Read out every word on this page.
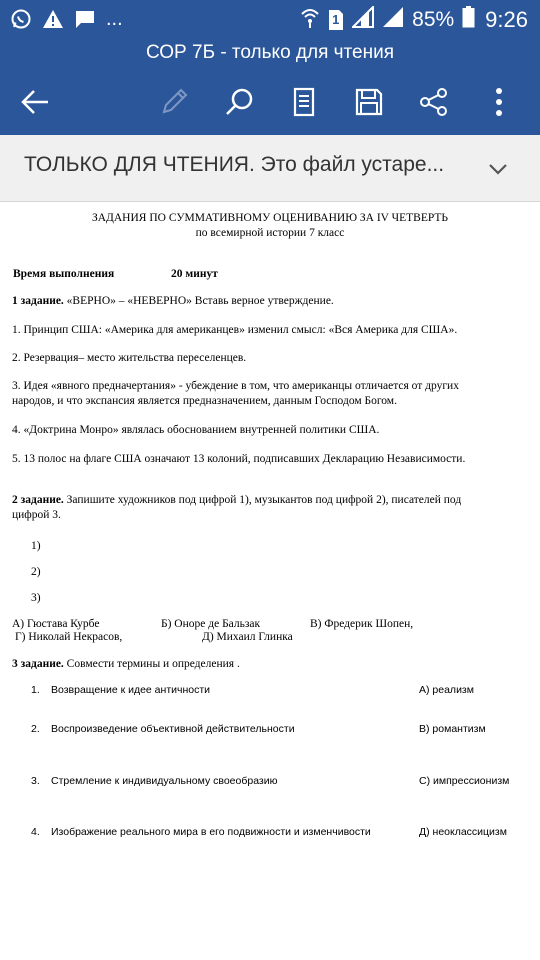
...	1	85% 9:26
СОР 7Б - только для чтения
ТОЛЬКО ДЛЯ ЧТЕНИЯ. Это файл устаре...
ЗАДАНИЯ ПО СУММАТИВНОМУ ОЦЕНИВАНИЮ ЗА IV ЧЕТВЕРТЬ
по всемирной истории 7 класс
Время выполнения	20 минут
1 задание. «ВЕРНО» – «НЕВЕРНО» Вставь верное утверждение.
1. Принцип США: «Америка для американцев» изменил смысл: «Вся Америка для США».
2. Резервация– место жительства переселенцев.
3. Идея «явного предначертания» - убеждение в том, что американцы отличается от других
народов, и что экспансия является предназначением, данным Господом Богом.
4. «Доктрина Монро» являлась обоснованием внутренней политики США.
5. 13 полос на флаге США означают 13 колоний, подписавших Декларацию Независимости.
2 задание. Запишите художников под цифрой 1), музыкантов под цифрой 2), писателей под
цифрой 3.
1)
2)
3)
А) Гюстава Курбе	Б) Оноре де Бальзак	В) Фредерик Шопен,
Г) Николай Некрасов,	Д) Михаил Глинка
3 задание. Совмести термины и определения .
1. Возвращение к идее античности	А) реализм
2. Воспроизведение объективной действительности	В) романтизм
3. Стремление к индивидуальному своеобразию	С) импрессионизм
4. Изображение реального мира в его подвижности и изменчивости	Д) неоклассицизм
